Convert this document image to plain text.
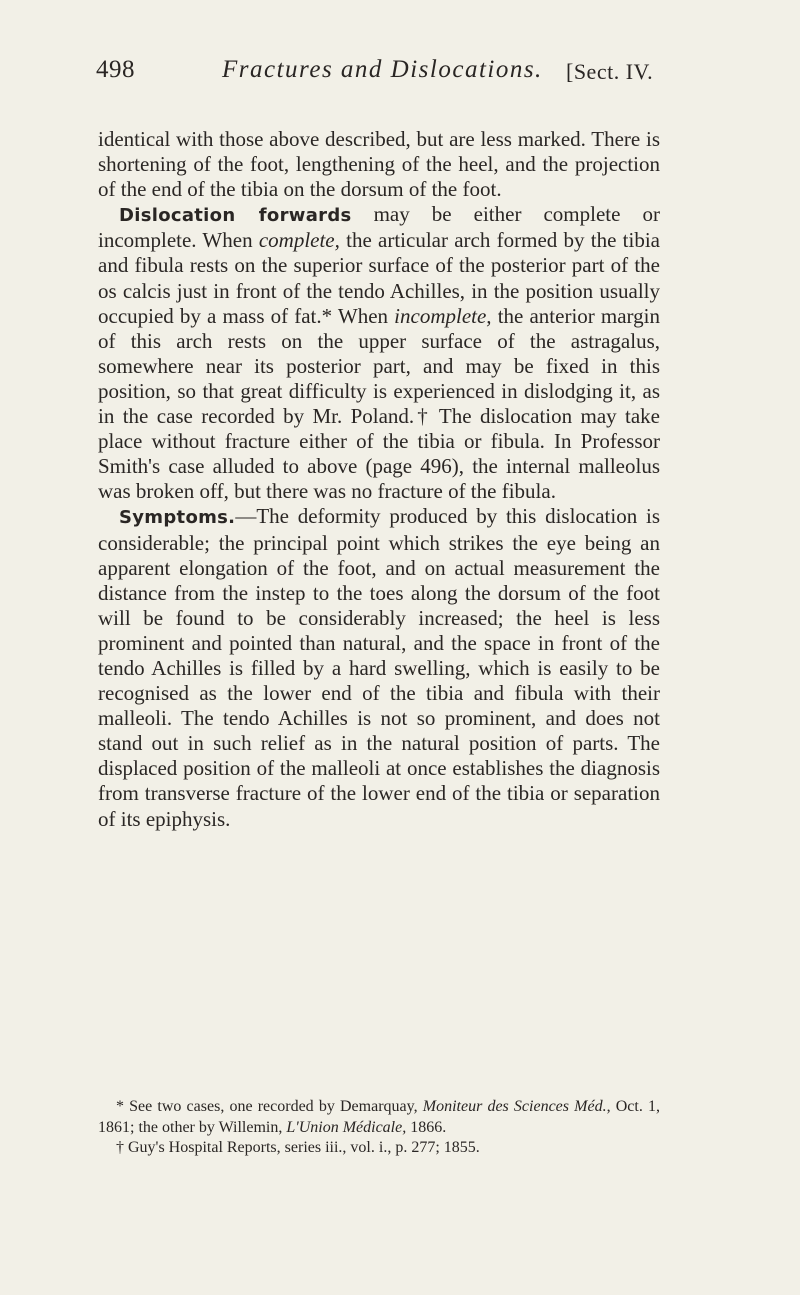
498	Fractures and Dislocations. [Sect. IV.

identical with those above described, but are less marked. There is shortening of the foot, lengthening of the heel, and the projection of the end of the tibia on the dorsum of the foot.

Dislocation forwards may be either complete or incomplete. When complete, the articular arch formed by the tibia and fibula rests on the superior surface of the posterior part of the os calcis just in front of the tendo Achilles, in the position usually occupied by a mass of fat.* When incomplete, the anterior margin of this arch rests on the upper surface of the astragalus, somewhere near its posterior part, and may be fixed in this position, so that great difficulty is experienced in dislodging it, as in the case recorded by Mr. Poland.† The dislocation may take place without fracture either of the tibia or fibula. In Professor Smith's case alluded to above (page 496), the internal malleolus was broken off, but there was no fracture of the fibula.

Symptoms.—The deformity produced by this dislocation is considerable; the principal point which strikes the eye being an apparent elongation of the foot, and on actual measurement the distance from the instep to the toes along the dorsum of the foot will be found to be considerably increased; the heel is less prominent and pointed than natural, and the space in front of the tendo Achilles is filled by a hard swelling, which is easily to be recognised as the lower end of the tibia and fibula with their malleoli. The tendo Achilles is not so prominent, and does not stand out in such relief as in the natural position of parts. The displaced position of the malleoli at once establishes the diagnosis from transverse fracture of the lower end of the tibia or separation of its epiphysis.

* See two cases, one recorded by Demarquay, Moniteur des Sciences Méd., Oct. 1, 1861; the other by Willemin, L'Union Médicale, 1866.

† Guy's Hospital Reports, series iii., vol. i., p. 277; 1855.
